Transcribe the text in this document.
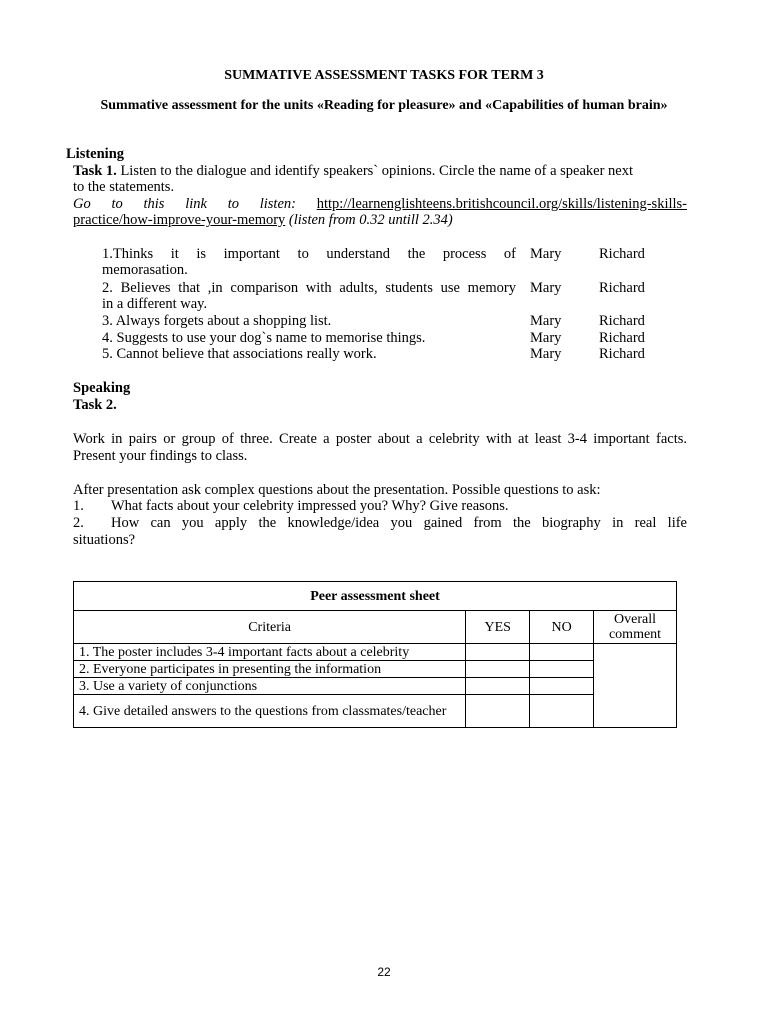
SUMMATIVE ASSESSMENT TASKS FOR TERM 3
Summative assessment for the units «Reading for pleasure» and «Capabilities of human brain»
Listening
Task 1. Listen to the dialogue and identify speakers` opinions. Circle the name of a speaker next
to the statements.
Go to this link to listen: http://learnenglishteens.britishcouncil.org/skills/listening-skills-
practice/how-improve-your-memory (listen from 0.32 untill 2.34)
1.Thinks it is important to understand the process of
memorasation.
Mary	Richard
2. Believes that ,in comparison with adults, students use memory
in a different way.
Mary	Richard
3. Always forgets about a shopping list.	Mary	Richard
4. Suggests to use your dog`s name to memorise things.	Mary	Richard
5. Cannot believe that associations really work.	Mary	Richard
Speaking
Task 2.
Work in pairs or group of three. Create a poster about a celebrity with at least 3-4 important facts.
Present your findings to class.
After presentation ask complex questions about the presentation. Possible questions to ask:
1. What facts about your celebrity impressed you? Why? Give reasons.
2. How can you apply the knowledge/idea you gained from the biography in real life
situations?
Peer assessment sheet			
Criteria	YES	NO	Overall comment
1. The poster includes 3-4 important facts about a celebrity			
2. Everyone participates in presenting the information			
3. Use a variety of conjunctions			
4. Give detailed answers to the questions from classmates/teacher			
22
